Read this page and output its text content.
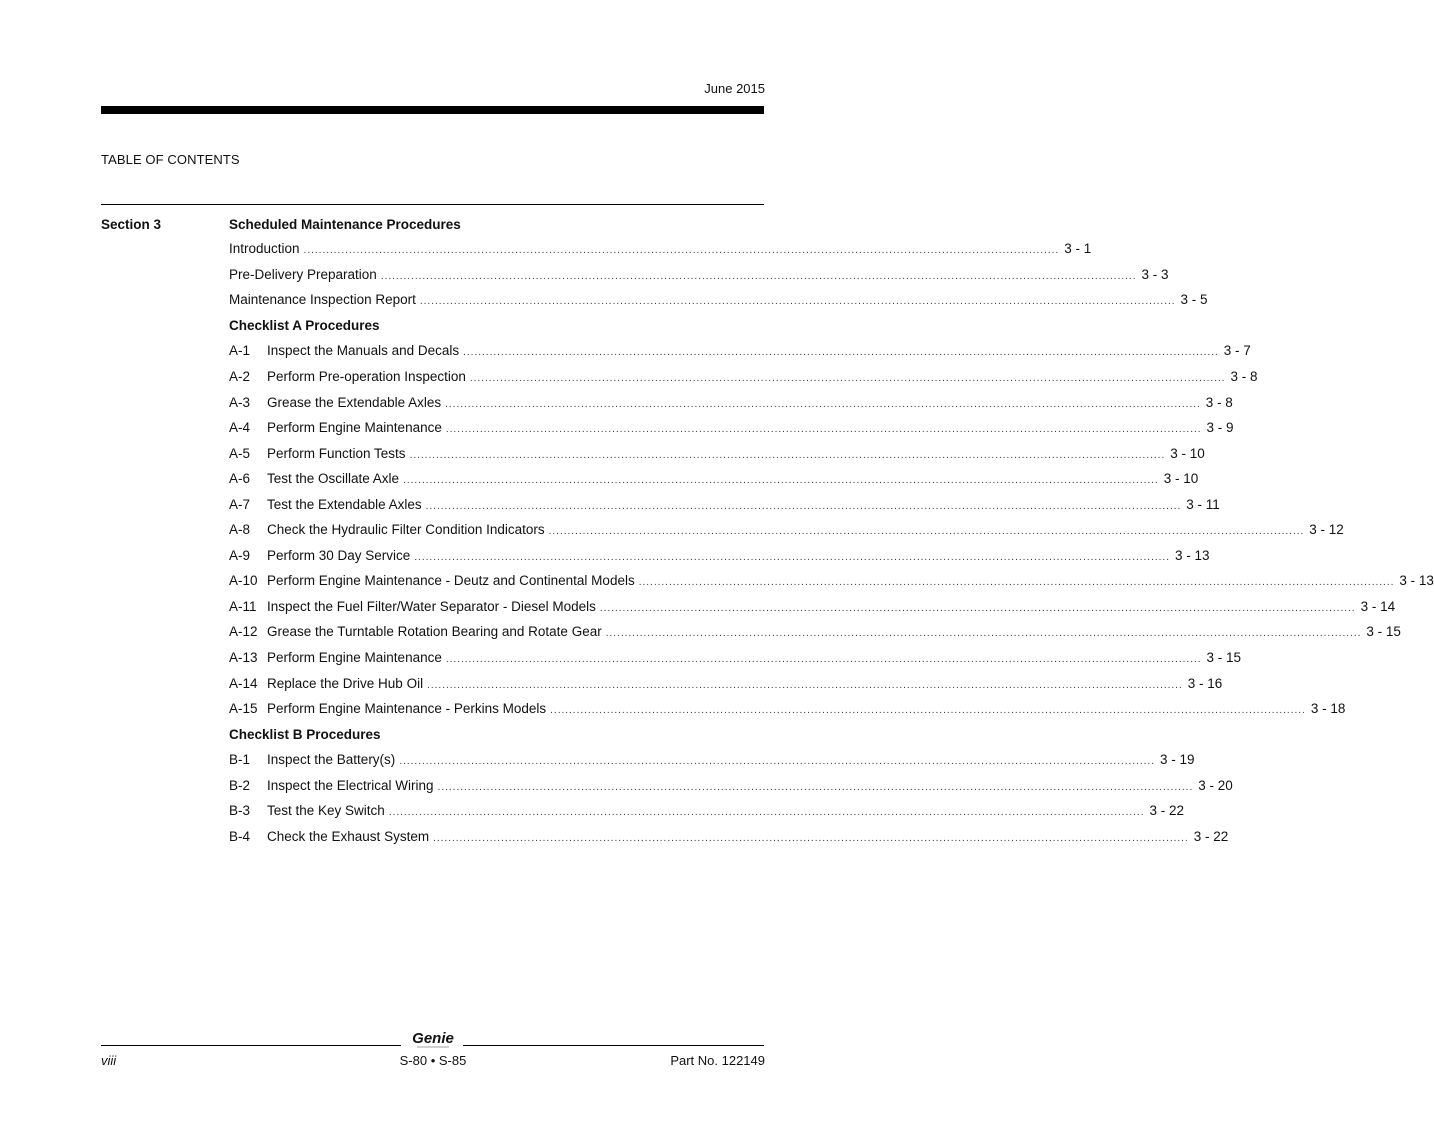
June 2015
TABLE OF CONTENTS
Section 3	Scheduled Maintenance Procedures
Introduction ........................................................................................................................................................................................................ 3 - 1
Pre-Delivery Preparation ........................................................................................................................................................................................................ 3 - 3
Maintenance Inspection Report ........................................................................................................................................................................................................ 3 - 5
Checklist A Procedures
A-1	Inspect the Manuals and Decals ........................................................................................................................................................................................................ 3 - 7
A-2	Perform Pre-operation Inspection ........................................................................................................................................................................................................ 3 - 8
A-3	Grease the Extendable Axles ........................................................................................................................................................................................................ 3 - 8
A-4	Perform Engine Maintenance ........................................................................................................................................................................................................ 3 - 9
A-5	Perform Function Tests ........................................................................................................................................................................................................ 3 - 10
A-6	Test the Oscillate Axle ........................................................................................................................................................................................................ 3 - 10
A-7	Test the Extendable Axles ........................................................................................................................................................................................................ 3 - 11
A-8	Check the Hydraulic Filter Condition Indicators ........................................................................................................................................................................................................ 3 - 12
A-9	Perform 30 Day Service ........................................................................................................................................................................................................ 3 - 13
A-10 Perform Engine Maintenance - Deutz and Continental Models ........................................................................................................................................................................................................ 3 - 13
A-11 Inspect the Fuel Filter/Water Separator - Diesel Models ........................................................................................................................................................................................................ 3 - 14
A-12 Grease the Turntable Rotation Bearing and Rotate Gear ........................................................................................................................................................................................................ 3 - 15
A-13 Perform Engine Maintenance ........................................................................................................................................................................................................ 3 - 15
A-14 Replace the Drive Hub Oil ........................................................................................................................................................................................................ 3 - 16
A-15 Perform Engine Maintenance - Perkins Models ........................................................................................................................................................................................................ 3 - 18
Checklist B Procedures
B-1	Inspect the Battery(s) ........................................................................................................................................................................................................ 3 - 19
B-2	Inspect the Electrical Wiring ........................................................................................................................................................................................................ 3 - 20
B-3	Test the Key Switch ........................................................................................................................................................................................................ 3 - 22
B-4	Check the Exhaust System ........................................................................................................................................................................................................ 3 - 22
Genie
viii	S-80 • S-85	Part No. 122149
